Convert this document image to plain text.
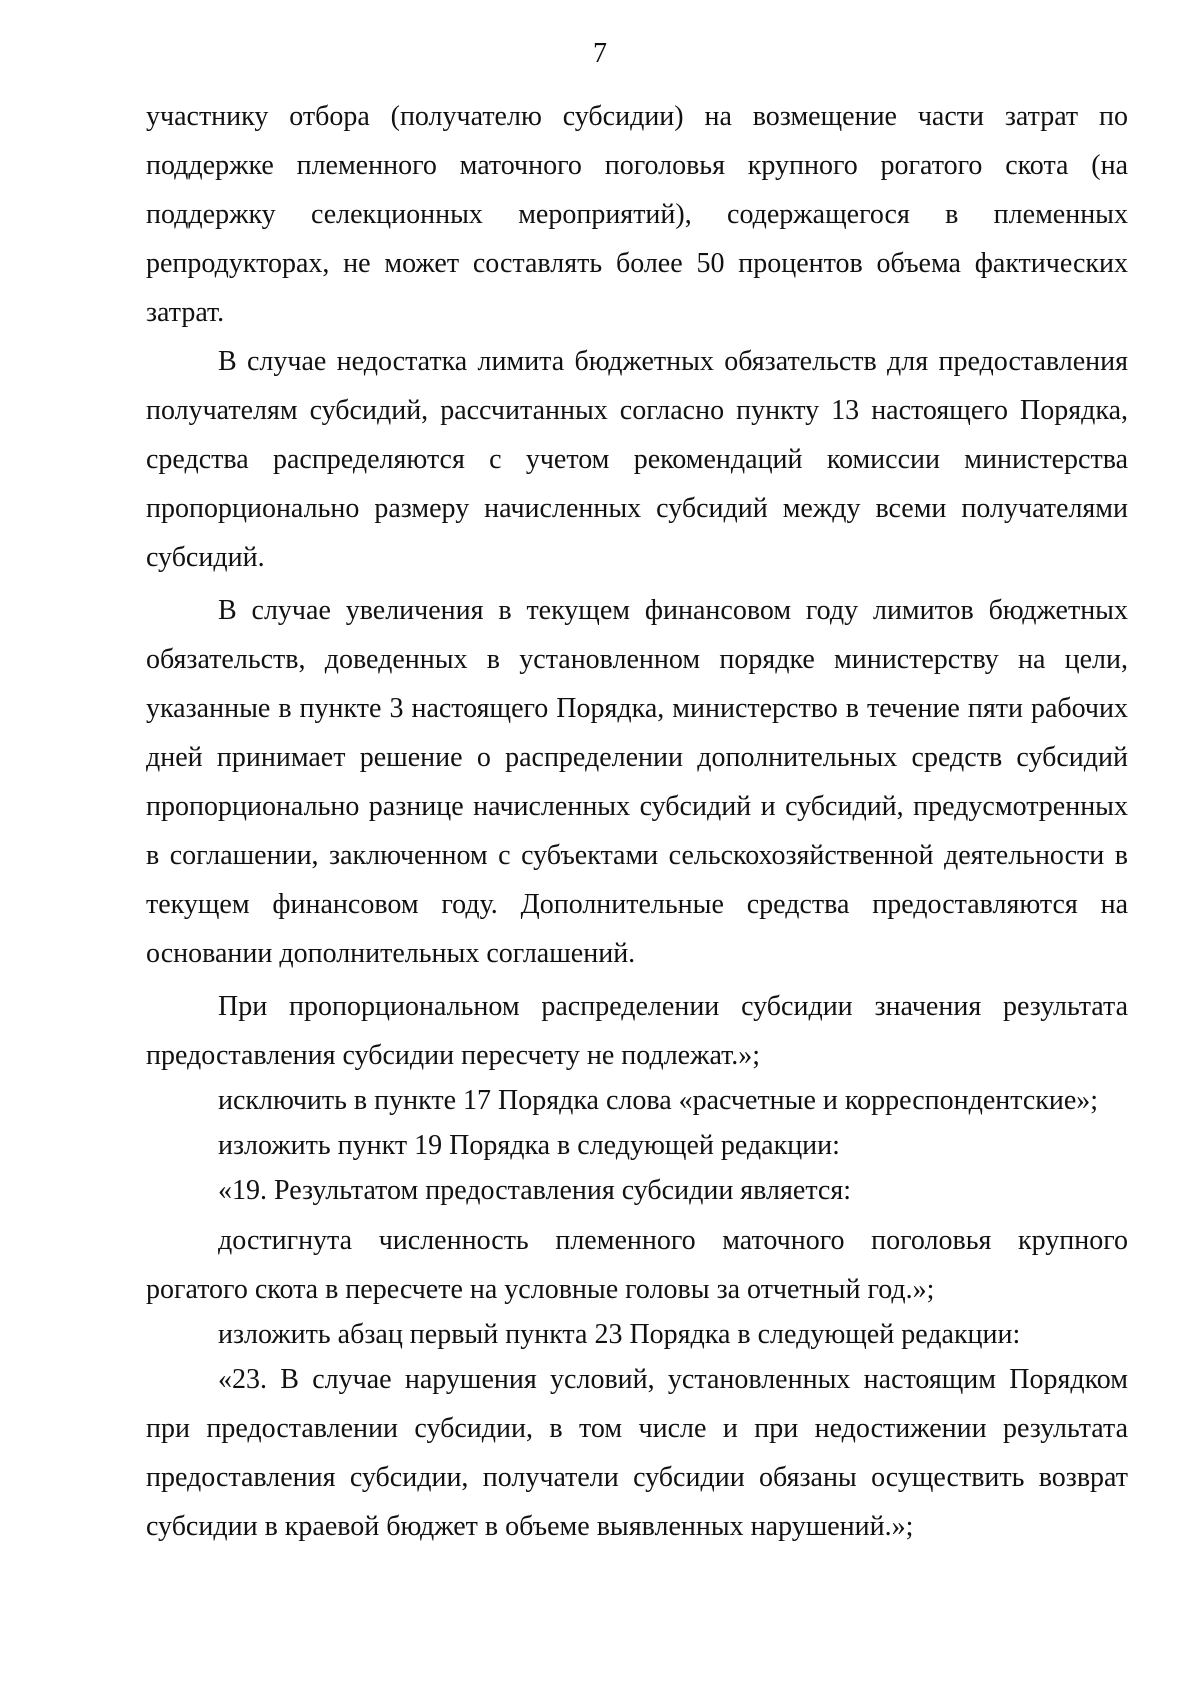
7

участнику отбора (получателю субсидии) на возмещение части затрат по поддержке племенного маточного поголовья крупного рогатого скота (на поддержку селекционных мероприятий), содержащегося в племенных репродукторах, не может составлять более 50 процентов объема фактических затрат.

В случае недостатка лимита бюджетных обязательств для предоставления получателям субсидий, рассчитанных согласно пункту 13 настоящего Порядка, средства распределяются с учетом рекомендаций комиссии министерства пропорционально размеру начисленных субсидий между всеми получателями субсидий.

В случае увеличения в текущем финансовом году лимитов бюджетных обязательств, доведенных в установленном порядке министерству на цели, указанные в пункте 3 настоящего Порядка, министерство в течение пяти рабочих дней принимает решение о распределении дополнительных средств субсидий пропорционально разнице начисленных субсидий и субсидий, предусмотренных в соглашении, заключенном с субъектами сельскохозяйственной деятельности в текущем финансовом году. Дополнительные средства предоставляются на основании дополнительных соглашений.

При пропорциональном распределении субсидии значения результата предоставления субсидии пересчету не подлежат.»;

исключить в пункте 17 Порядка слова «расчетные и корреспондентские»;

изложить пункт 19 Порядка в следующей редакции:

«19. Результатом предоставления субсидии является:

достигнута численность племенного маточного поголовья крупного рогатого скота в пересчете на условные головы за отчетный год.»;

изложить абзац первый пункта 23 Порядка в следующей редакции:

«23. В случае нарушения условий, установленных настоящим Порядком при предоставлении субсидии, в том числе и при недостижении результата предоставления субсидии, получатели субсидии обязаны осуществить возврат субсидии в краевой бюджет в объеме выявленных нарушений.»;
